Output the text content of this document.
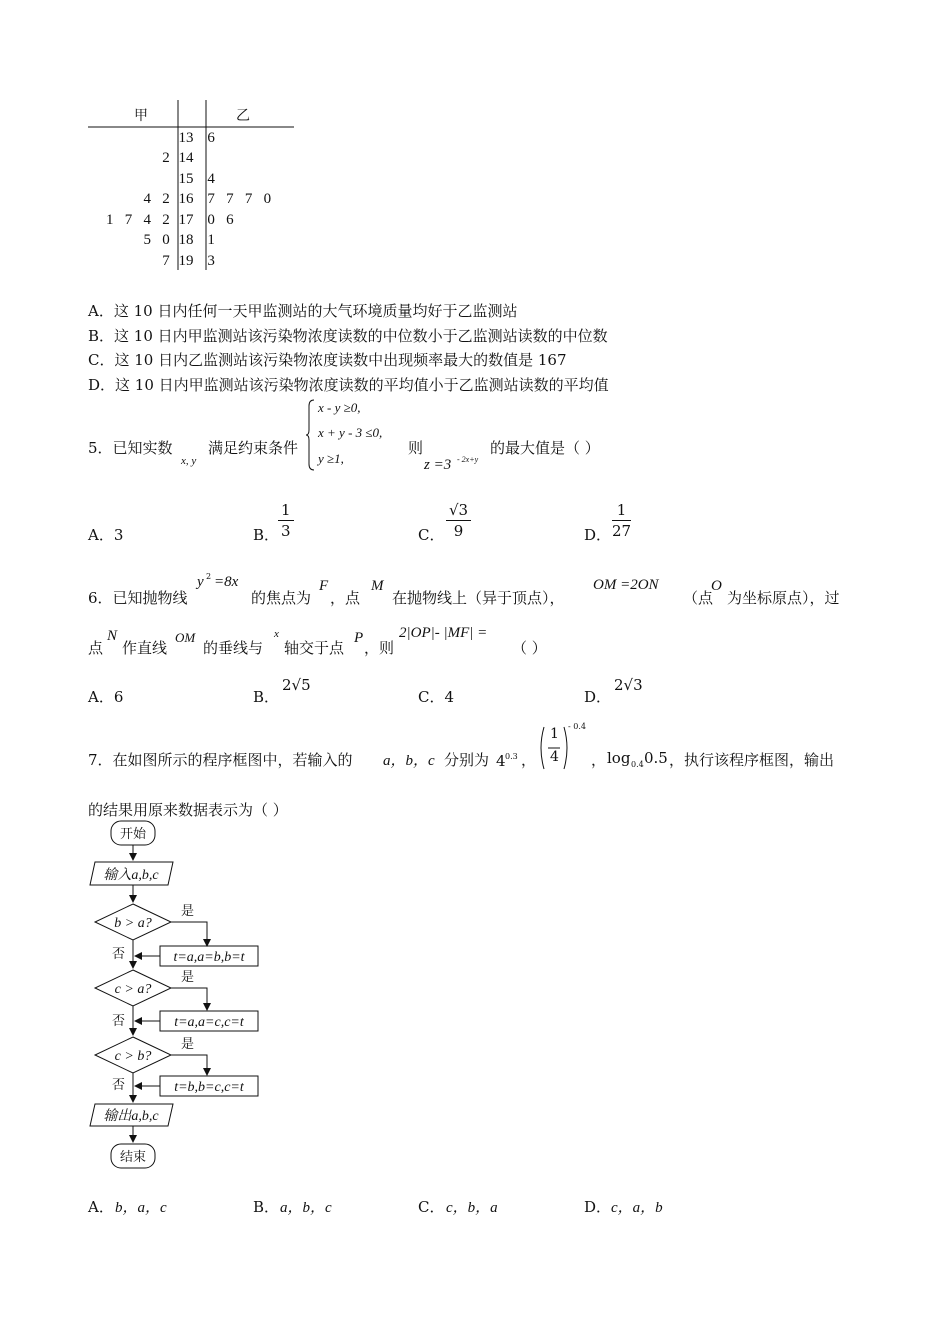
甲	乙
	13	6
2	14	
	15	4
4   2	16	7   7   7   0
1   7   4   2	17	0   6
5   0	18	1
7	19	3
A．这 10 日内任何一天甲监测站的大气环境质量均好于乙监测站
B．这 10 日内甲监测站该污染物浓度读数的中位数小于乙监测站读数的中位数
C．这 10 日内乙监测站该污染物浓度读数中出现频率最大的数值是 167
D．这 10 日内甲监测站该污染物浓度读数的平均值小于乙监测站读数的平均值
5．已知实数
x, y
满足约束条件
x - y ≥0,
x + y - 3 ≤0,
y ≥1,
则
z =3 - 2x+y
的最大值是（ ）
A．3	B．
$\frac{1}{3}$	C． $\frac{√3}{9}$	D． $\frac{1}{27}$
6．已知抛物线
y 2 =8x
的焦点为
F
，点
M
在抛物线上（异于顶点），
OM =2ON
（点
O
为坐标原点），过
点
N
作直线
OM
的垂线与
x
轴交于点
P
，则
2|OP|- |MF| =
（ ）
A．6	B．
2√5
C．4	D．
2√3
7．在如图所示的程序框图中，若输入的 a，b，c 分别为 4 0.3 ，
1
4
- 0.4
， log 0.4 0.5 ，执行该程序框图，输出
的结果用原来数据表示为（ ）
开始
输入a,b,c
b > a?
是
t=a,a=b,b=t
否
c > a?
是
t=a,a=c,c=t
否
c > b?
是
t=b,b=c,c=t
否
输出a,b,c
结束
A． b，a，c	B． a，b，c	C． c，b，a	D． c，a，b
